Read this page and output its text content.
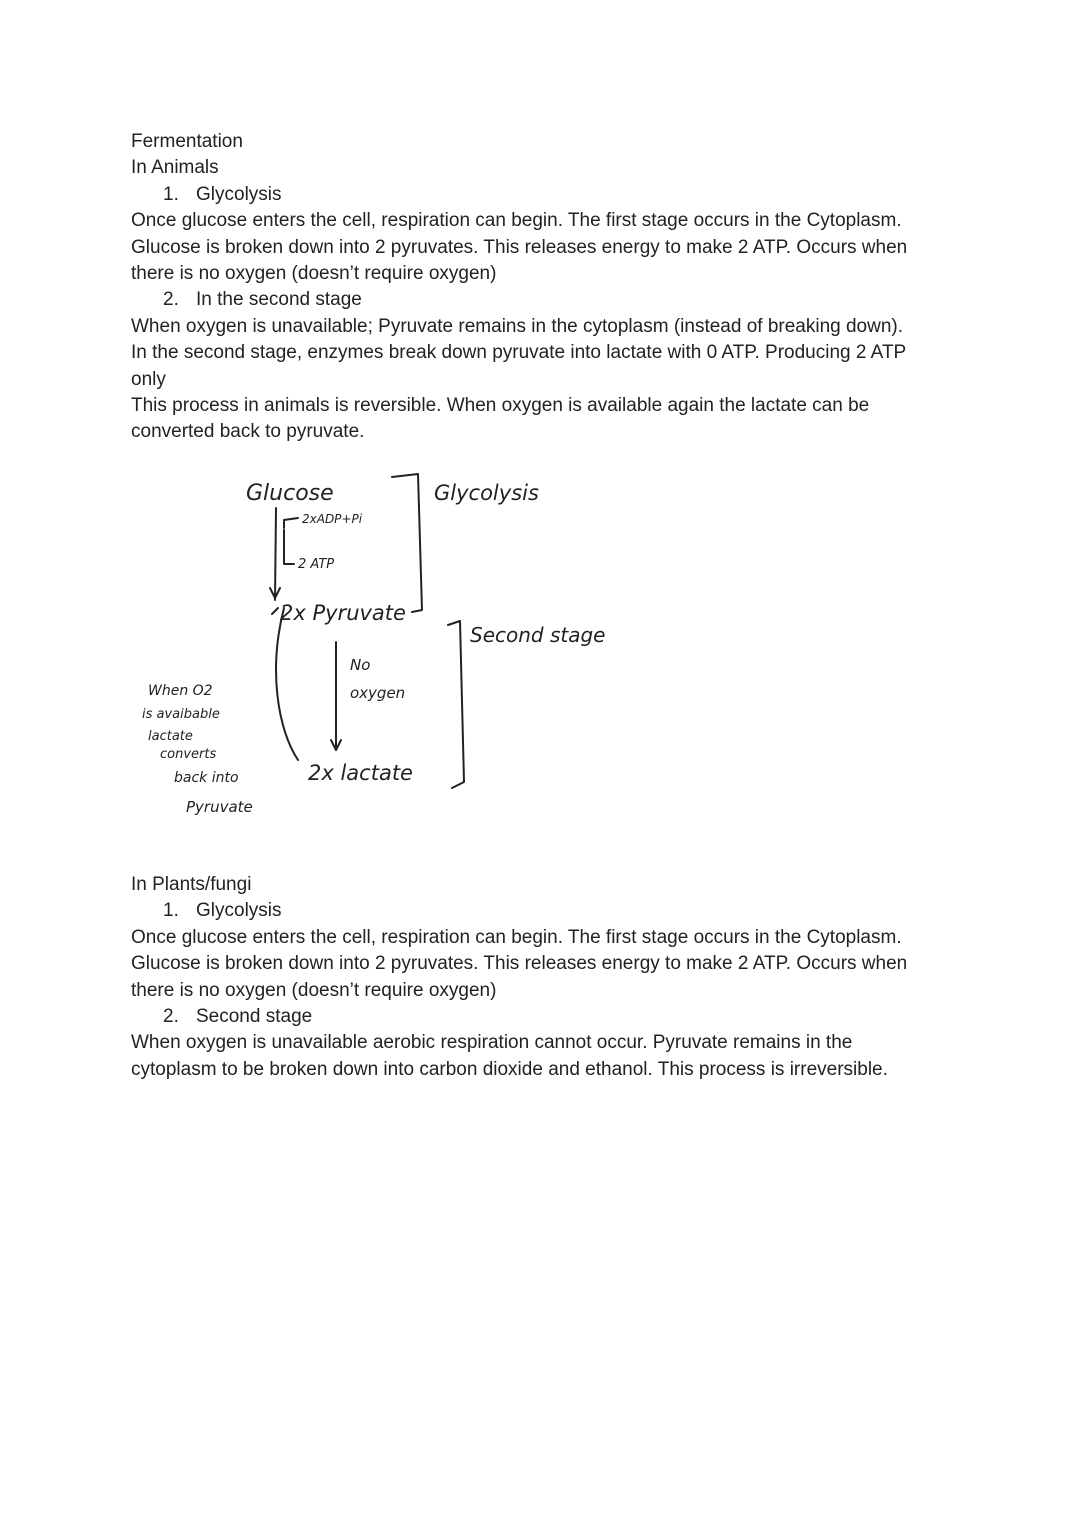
Fermentation

In Animals

1. Glycolysis

Once glucose enters the cell, respiration can begin. The first stage occurs in the Cytoplasm.

Glucose is broken down into 2 pyruvates. This releases energy to make 2 ATP. Occurs when

there is no oxygen (doesn’t require oxygen)

2. In the second stage

When oxygen is unavailable; Pyruvate remains in the cytoplasm (instead of breaking down).

In the second stage, enzymes break down pyruvate into lactate with 0 ATP. Producing 2 ATP

only

This process in animals is reversible. When oxygen is available again the lactate can be

converted back to pyruvate.

Glucose	Glycolysis
2xADP+Pi
2 ATP
2x Pyruvate
Second stage
No
oxygen
2x lactate
When O2
is avaibable
lactate
converts
back into
Pyruvate

In Plants/fungi

1. Glycolysis

Once glucose enters the cell, respiration can begin. The first stage occurs in the Cytoplasm.

Glucose is broken down into 2 pyruvates. This releases energy to make 2 ATP. Occurs when

there is no oxygen (doesn’t require oxygen)

2. Second stage

When oxygen is unavailable aerobic respiration cannot occur. Pyruvate remains in the

cytoplasm to be broken down into carbon dioxide and ethanol. This process is irreversible.
